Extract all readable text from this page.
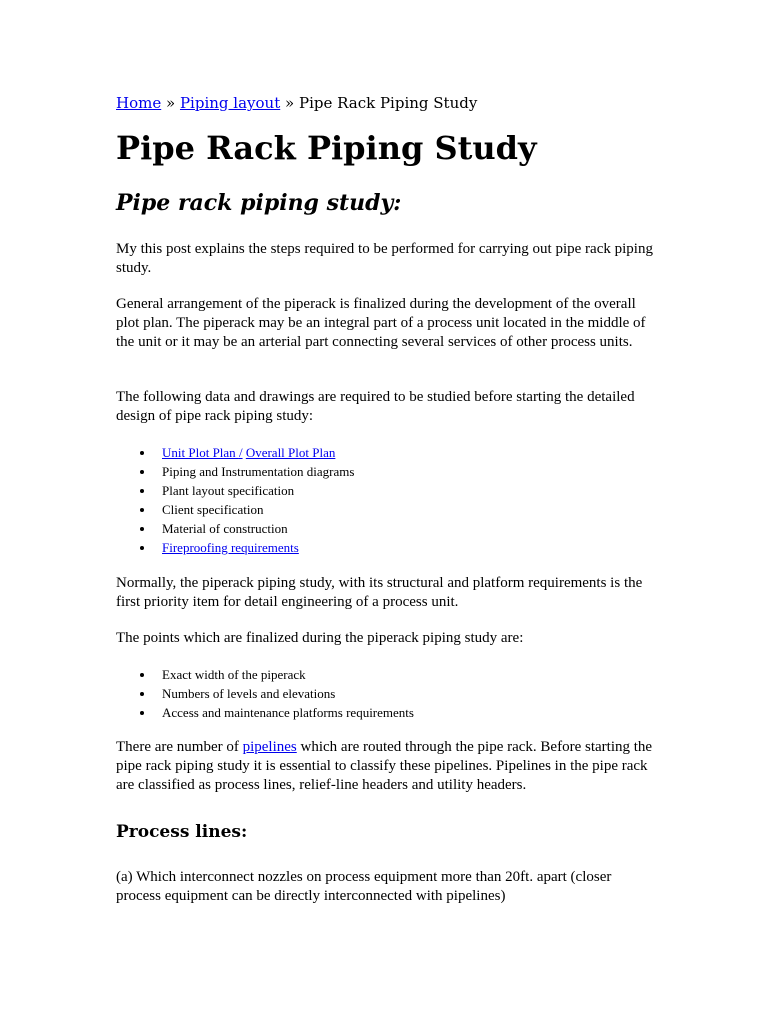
Home » Piping layout » Pipe Rack Piping Study
Pipe Rack Piping Study
Pipe rack piping study:

My this post explains the steps required to be performed for carrying out pipe rack piping study.

General arrangement of the piperack is finalized during the development of the overall plot plan. The piperack may be an integral part of a process unit located in the middle of the unit or it may be an arterial part connecting several services of other process units.

The following data and drawings are required to be studied before starting the detailed design of pipe rack piping study:

Unit Plot Plan / Overall Plot Plan
Piping and Instrumentation diagrams
Plant layout specification
Client specification
Material of construction
Fireproofing requirements

Normally, the piperack piping study, with its structural and platform requirements is the first priority item for detail engineering of a process unit.

The points which are finalized during the piperack piping study are:

Exact width of the piperack
Numbers of levels and elevations
Access and maintenance platforms requirements

There are number of pipelines which are routed through the pipe rack. Before starting the pipe rack piping study it is essential to classify these pipelines. Pipelines in the pipe rack are classified as process lines, relief-line headers and utility headers.

Process lines:

(a) Which interconnect nozzles on process equipment more than 20ft. apart (closer process equipment can be directly interconnected with pipelines)
